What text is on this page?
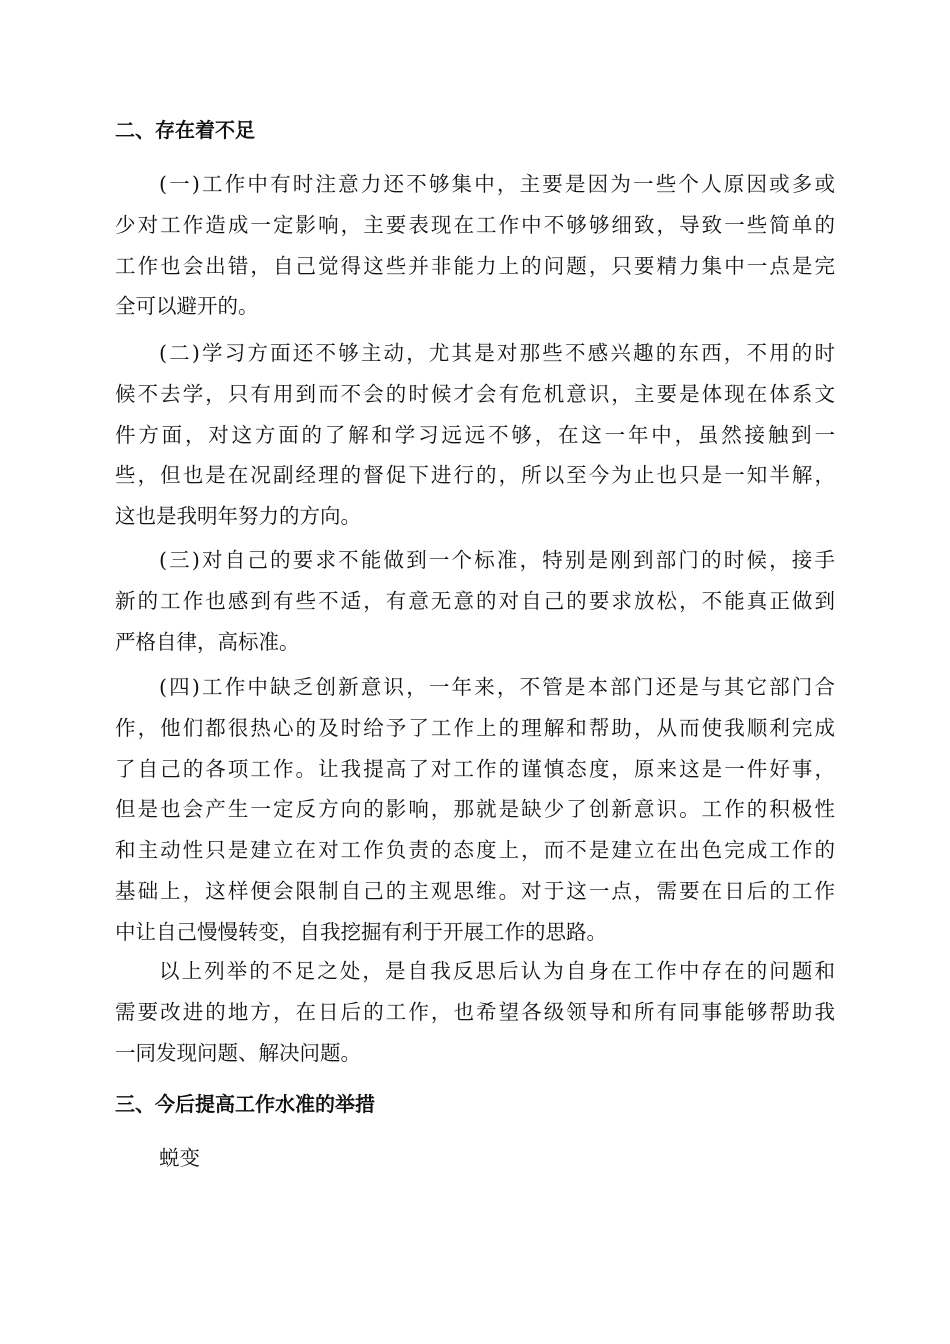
二、存在着不足
(一)工作中有时注意力还不够集中，主要是因为一些个人原因或多或
少对工作造成一定影响，主要表现在工作中不够够细致，导致一些简单的
工作也会出错，自己觉得这些并非能力上的问题，只要精力集中一点是完
全可以避开的。
(二)学习方面还不够主动，尤其是对那些不感兴趣的东西，不用的时
候不去学，只有用到而不会的时候才会有危机意识，主要是体现在体系文
件方面，对这方面的了解和学习远远不够，在这一年中，虽然接触到一
些，但也是在况副经理的督促下进行的，所以至今为止也只是一知半解，
这也是我明年努力的方向。
(三)对自己的要求不能做到一个标准，特别是刚到部门的时候，接手
新的工作也感到有些不适，有意无意的对自己的要求放松，不能真正做到
严格自律，高标准。
(四)工作中缺乏创新意识，一年来，不管是本部门还是与其它部门合
作，他们都很热心的及时给予了工作上的理解和帮助，从而使我顺利完成
了自己的各项工作。让我提高了对工作的谨慎态度，原来这是一件好事，
但是也会产生一定反方向的影响，那就是缺少了创新意识。工作的积极性
和主动性只是建立在对工作负责的态度上，而不是建立在出色完成工作的
基础上，这样便会限制自己的主观思维。对于这一点，需要在日后的工作
中让自己慢慢转变，自我挖掘有利于开展工作的思路。
以上列举的不足之处，是自我反思后认为自身在工作中存在的问题和
需要改进的地方，在日后的工作，也希望各级领导和所有同事能够帮助我
一同发现问题、解决问题。
三、今后提高工作水准的举措
蜕变
